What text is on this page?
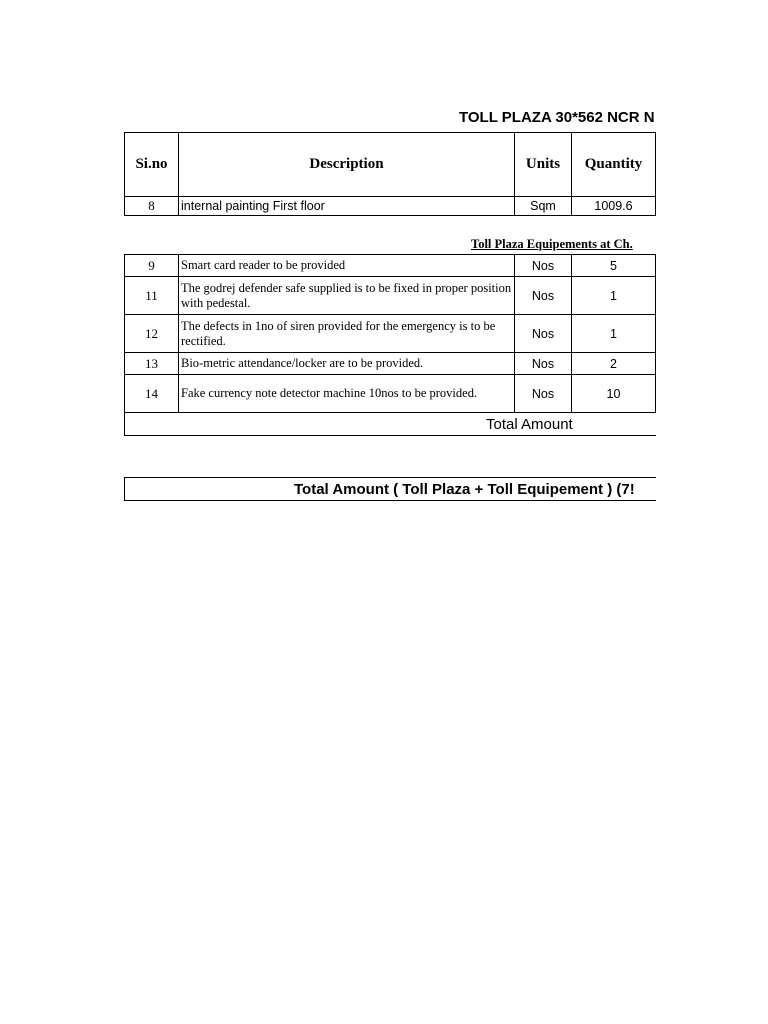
TOLL PLAZA 30*562 NCR N
Si.no	Description	Units	Quantity	
8	internal painting First floor	Sqm	1009.6	
Toll Plaza Equipements at Ch.
9	Smart card reader to be provided	Nos	5	
11	The godrej defender safe supplied is to be fixed in proper position with pedestal.	Nos	1	
12	The defects in 1no of siren provided for the emergency is to be rectified.	Nos	1	
13	Bio-metric attendance/locker are to be provided.	Nos	2	
14	Fake currency note detector machine 10nos to be provided.	Nos	10	
Total Amount				
Total Amount ( Toll Plaza + Toll Equipement ) (7!
